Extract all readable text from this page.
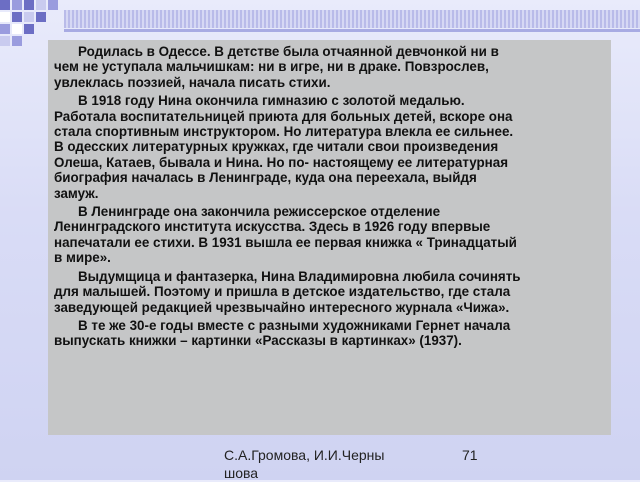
Родилась в Одессе. В детстве была отчаянной девчонкой ни в
чем не уступала мальчишкам: ни в игре, ни в драке. Повзрослев,
увлеклась поэзией, начала писать стихи.

В 1918 году Нина окончила гимназию с золотой медалью.
Работала воспитательницей приюта для больных детей, вскоре она
стала спортивным инструктором. Но литература влекла ее сильнее.
В одесских литературных кружках, где читали свои произведения
Олеша, Катаев, бывала и Нина. Но по- настоящему ее литературная
биография началась в Ленинграде, куда она переехала, выйдя
замуж.

В Ленинграде она закончила режиссерское отделение
Ленинградского института искусства. Здесь в 1926 году впервые
напечатали ее стихи. В 1931 вышла ее первая книжка « Тринадцатый
в мире».

Выдумщица и фантазерка, Нина Владимировна любила сочинять
для малышей. Поэтому и пришла в детское издательство, где стала
заведующей редакцией чрезвычайно интересного журнала «Чижа».

В те же 30-е годы вместе с разными художниками Гернет начала
выпускать книжки – картинки «Рассказы в картинках» (1937).

С.А.Громова, И.И.Черны
шова
71
